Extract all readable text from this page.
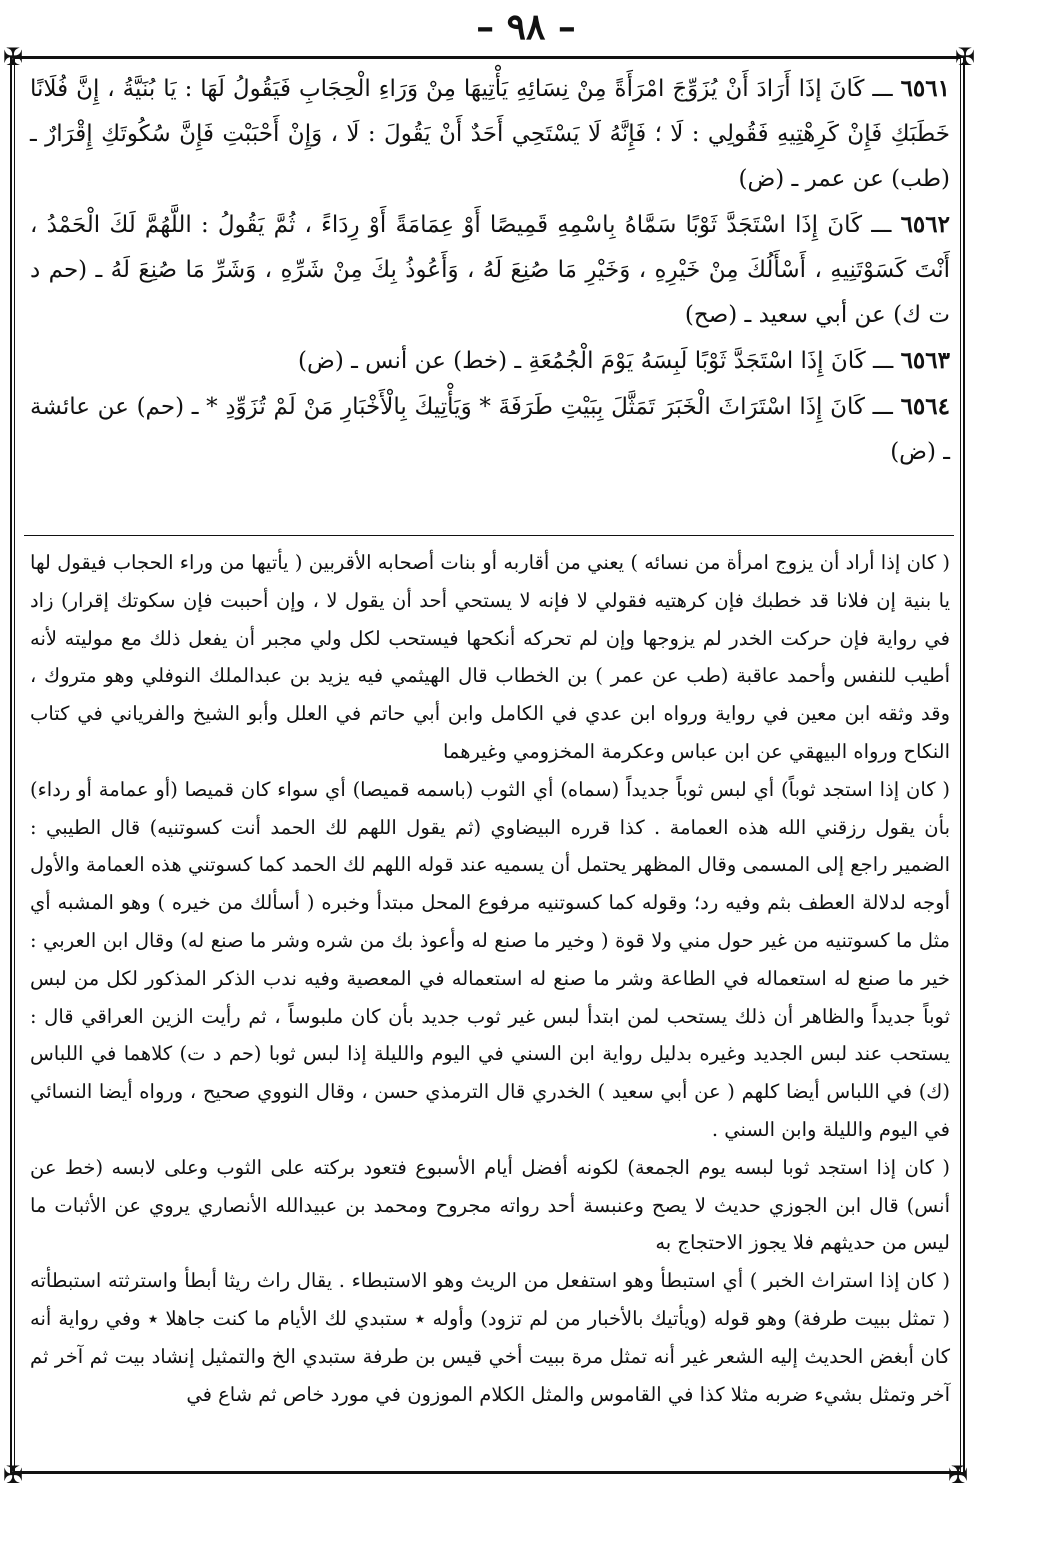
– ٩٨ –
✠	✠
✠	✠

٦٥٦١ ـــ كَانَ إذَا أَرَادَ أَنْ يُزَوِّجَ امْرَأَةً مِنْ نِسَائِهِ يَأْتِيهَا مِنْ وَرَاءِ الْحِجَابِ فَيَقُولُ لَهَا : يَا بُنَيَّةُ ، إِنَّ فُلَانًا خَطَبَكِ فَإِنْ كَرِهْتِيهِ فَقُولِي : لَا ؛ فَإِنَّهُ لَا يَسْتَحِي أَحَدٌ أَنْ يَقُولَ : لَا ، وَإِنْ أَحْبَبْتِ فَإِنَّ سُكُوتَكِ إِقْرَارٌ ـ (طب) عن عمر ـ (ض)

٦٥٦٢ ـــ كَانَ إِذَا اسْتَجَدَّ ثَوْبًا سَمَّاهُ بِاسْمِهِ قَمِيصًا أَوْ عِمَامَةً أَوْ رِدَاءً ، ثُمَّ يَقُولُ : اللَّهُمَّ لَكَ الْحَمْدُ ، أَنْتَ كَسَوْتَنِيهِ ، أَسْأَلُكَ مِنْ خَيْرِهِ ، وَخَيْرِ مَا صُنِعَ لَهُ ، وَأَعُوذُ بِكَ مِنْ شَرِّهِ ، وَشَرِّ مَا صُنِعَ لَهُ ـ (حم د ت ك) عن أبي سعيد ـ (صح)

٦٥٦٣ ـــ كَانَ إِذَا اسْتَجَدَّ ثَوْبًا لَبِسَهُ يَوْمَ الْجُمُعَةِ ـ (خط) عن أنس ـ (ض)

٦٥٦٤ ـــ كَانَ إِذَا اسْتَرَاثَ الْخَبَرَ تَمَثَّلَ بِبَيْتِ طَرَفَةَ * وَيَأْتِيكَ بِالْأَخْبَارِ مَنْ لَمْ تُزَوِّدِ * ـ (حم) عن عائشة ـ (ض)

( كان إذا أراد أن يزوج امرأة من نسائه ) يعني من أقاربه أو بنات أصحابه الأقربين ( يأتيها من وراء الحجاب فيقول لها يا بنية إن فلانا قد خطبك فإن كرهتيه فقولي لا فإنه لا يستحي أحد أن يقول لا ، وإن أحببت فإن سكوتك إقرار) زاد في رواية فإن حركت الخدر لم يزوجها وإن لم تحركه أنكحها فيستحب لكل ولي مجبر أن يفعل ذلك مع موليته لأنه أطيب للنفس وأحمد عاقبة (طب عن عمر ) بن الخطاب قال الهيثمي فيه يزيد بن عبدالملك النوفلي وهو متروك ، وقد وثقه ابن معين في رواية ورواه ابن عدي في الكامل وابن أبي حاتم في العلل وأبو الشيخ والفرياني في كتاب النكاح ورواه البيهقي عن ابن عباس وعكرمة المخزومي وغيرهما

( كان إذا استجد ثوباً) أي لبس ثوباً جديداً (سماه) أي الثوب (باسمه قميصا) أي سواء كان قميصا (أو عمامة أو رداء) بأن يقول رزقني الله هذه العمامة . كذا قرره البيضاوي (ثم يقول اللهم لك الحمد أنت كسوتنيه) قال الطيبي : الضمير راجع إلى المسمى وقال المظهر يحتمل أن يسميه عند قوله اللهم لك الحمد كما كسوتني هذه العمامة والأول أوجه لدلالة العطف بثم وفيه رد؛ وقوله كما كسوتنيه مرفوع المحل مبتدأ وخبره ( أسألك من خيره ) وهو المشبه أي مثل ما كسوتنيه من غير حول مني ولا قوة ( وخير ما صنع له وأعوذ بك من شره وشر ما صنع له) وقال ابن العربي : خير ما صنع له استعماله في الطاعة وشر ما صنع له استعماله في المعصية وفيه ندب الذكر المذكور لكل من لبس ثوباً جديداً والظاهر أن ذلك يستحب لمن ابتدأ لبس غير ثوب جديد بأن كان ملبوساً ، ثم رأيت الزين العراقي قال : يستحب عند لبس الجديد وغيره بدليل رواية ابن السني في اليوم والليلة إذا لبس ثوبا (حم د ت) كلاهما في اللباس (ك) في اللباس أيضا كلهم ( عن أبي سعيد ) الخدري قال الترمذي حسن ، وقال النووي صحيح ، ورواه أيضا النسائي في اليوم والليلة وابن السني .

( كان إذا استجد ثوبا لبسه يوم الجمعة) لكونه أفضل أيام الأسبوع فتعود بركته على الثوب وعلى لابسه (خط عن أنس) قال ابن الجوزي حديث لا يصح وعنبسة أحد رواته مجروح ومحمد بن عبيدالله الأنصاري يروي عن الأثبات ما ليس من حديثهم فلا يجوز الاحتجاج به

( كان إذا استراث الخبر ) أي استبطأ وهو استفعل من الريث وهو الاستبطاء . يقال راث ريثا أبطأ واسترثته استبطأته ( تمثل ببيت طرفة) وهو قوله (ويأتيك بالأخبار من لم تزود) وأوله ٭ ستبدي لك الأيام ما كنت جاهلا ٭ وفي رواية أنه كان أبغض الحديث إليه الشعر غير أنه تمثل مرة ببيت أخي قيس بن طرفة ستبدي الخ والتمثيل إنشاد بيت ثم آخر ثم آخر وتمثل بشيء ضربه مثلا كذا في القاموس والمثل الكلام الموزون في مورد خاص ثم شاع في
